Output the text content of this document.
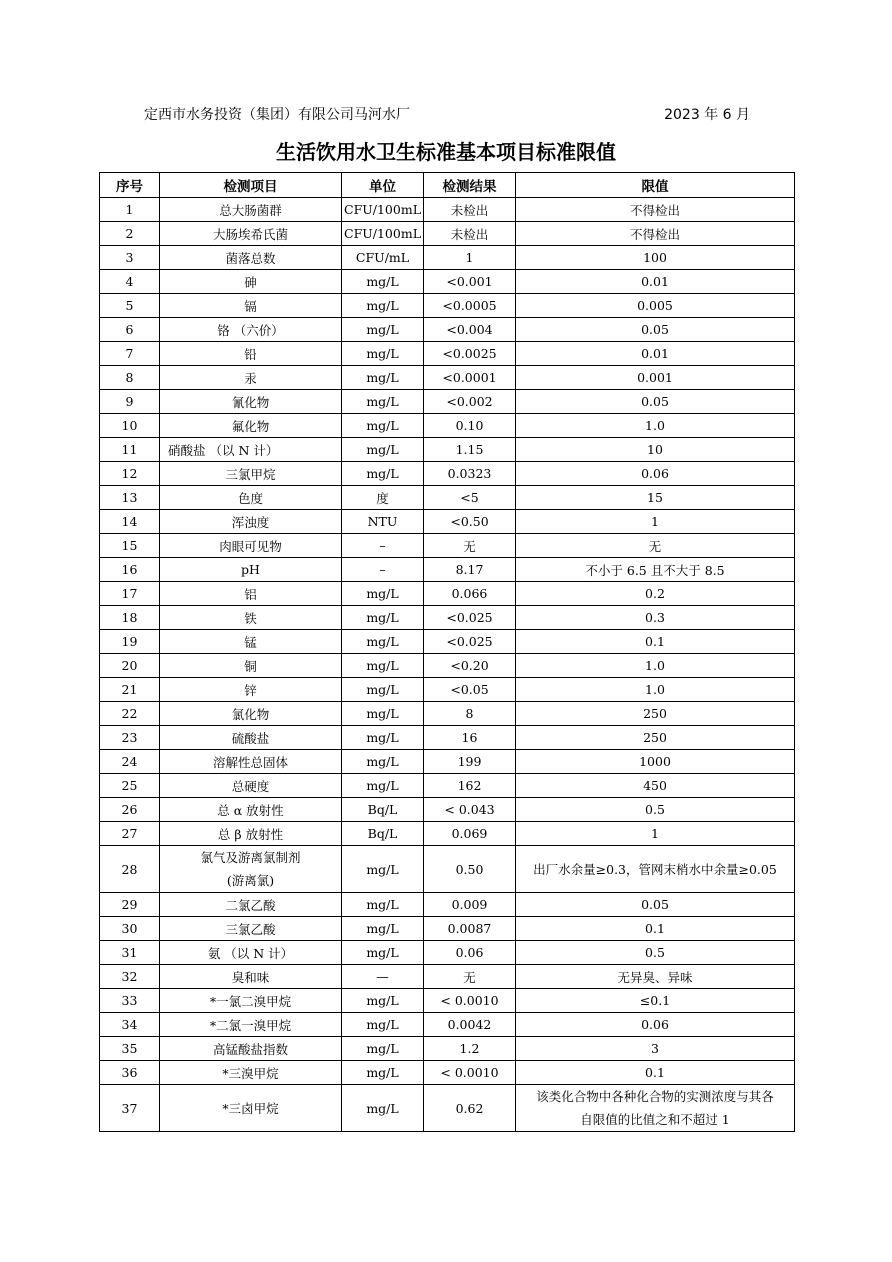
定西市水务投资（集团）有限公司马河水厂	2023 年 6 月
生活饮用水卫生标准基本项目标准限值
序号	检测项目	单位	检测结果	限值
1	总大肠菌群	CFU/100mL	未检出	不得检出
2	大肠埃希氏菌	CFU/100mL	未检出	不得检出
3	菌落总数	CFU/mL	1	100
4	砷	mg/L	<0.001	0.01
5	镉	mg/L	<0.0005	0.005
6	铬 （六价）	mg/L	<0.004	0.05
7	铅	mg/L	<0.0025	0.01
8	汞	mg/L	<0.0001	0.001
9	氰化物	mg/L	<0.002	0.05
10	氟化物	mg/L	0.10	1.0
11	硝酸盐 （以 N 计）	mg/L	1.15	10
12	三氯甲烷	mg/L	0.0323	0.06
13	色度	度	<5	15
14	浑浊度	NTU	<0.50	1
15	肉眼可见物	–	无	无
16	pH	–	8.17	不小于 6.5 且不大于 8.5
17	铝	mg/L	0.066	0.2
18	铁	mg/L	<0.025	0.3
19	锰	mg/L	<0.025	0.1
20	铜	mg/L	<0.20	1.0
21	锌	mg/L	<0.05	1.0
22	氯化物	mg/L	8	250
23	硫酸盐	mg/L	16	250
24	溶解性总固体	mg/L	199	1000
25	总硬度	mg/L	162	450
26	总 α 放射性	Bq/L	< 0.043	0.5
27	总 β 放射性	Bq/L	0.069	1
28	氯气及游离氯制剂
(游离氯)	mg/L	0.50	出厂水余量≥0.3，管网末梢水中余量≥0.05
29	二氯乙酸	mg/L	0.009	0.05
30	三氯乙酸	mg/L	0.0087	0.1
31	氨 （以 N 计）	mg/L	0.06	0.5
32	臭和味	—	无	无异臭、异味
33	*一氯二溴甲烷	mg/L	< 0.0010	≤0.1
34	*二氯一溴甲烷	mg/L	0.0042	0.06
35	高锰酸盐指数	mg/L	1.2	3
36	*三溴甲烷	mg/L	< 0.0010	0.1
37	*三卤甲烷	mg/L	0.62	该类化合物中各种化合物的实测浓度与其各
自限值的比值之和不超过 1
